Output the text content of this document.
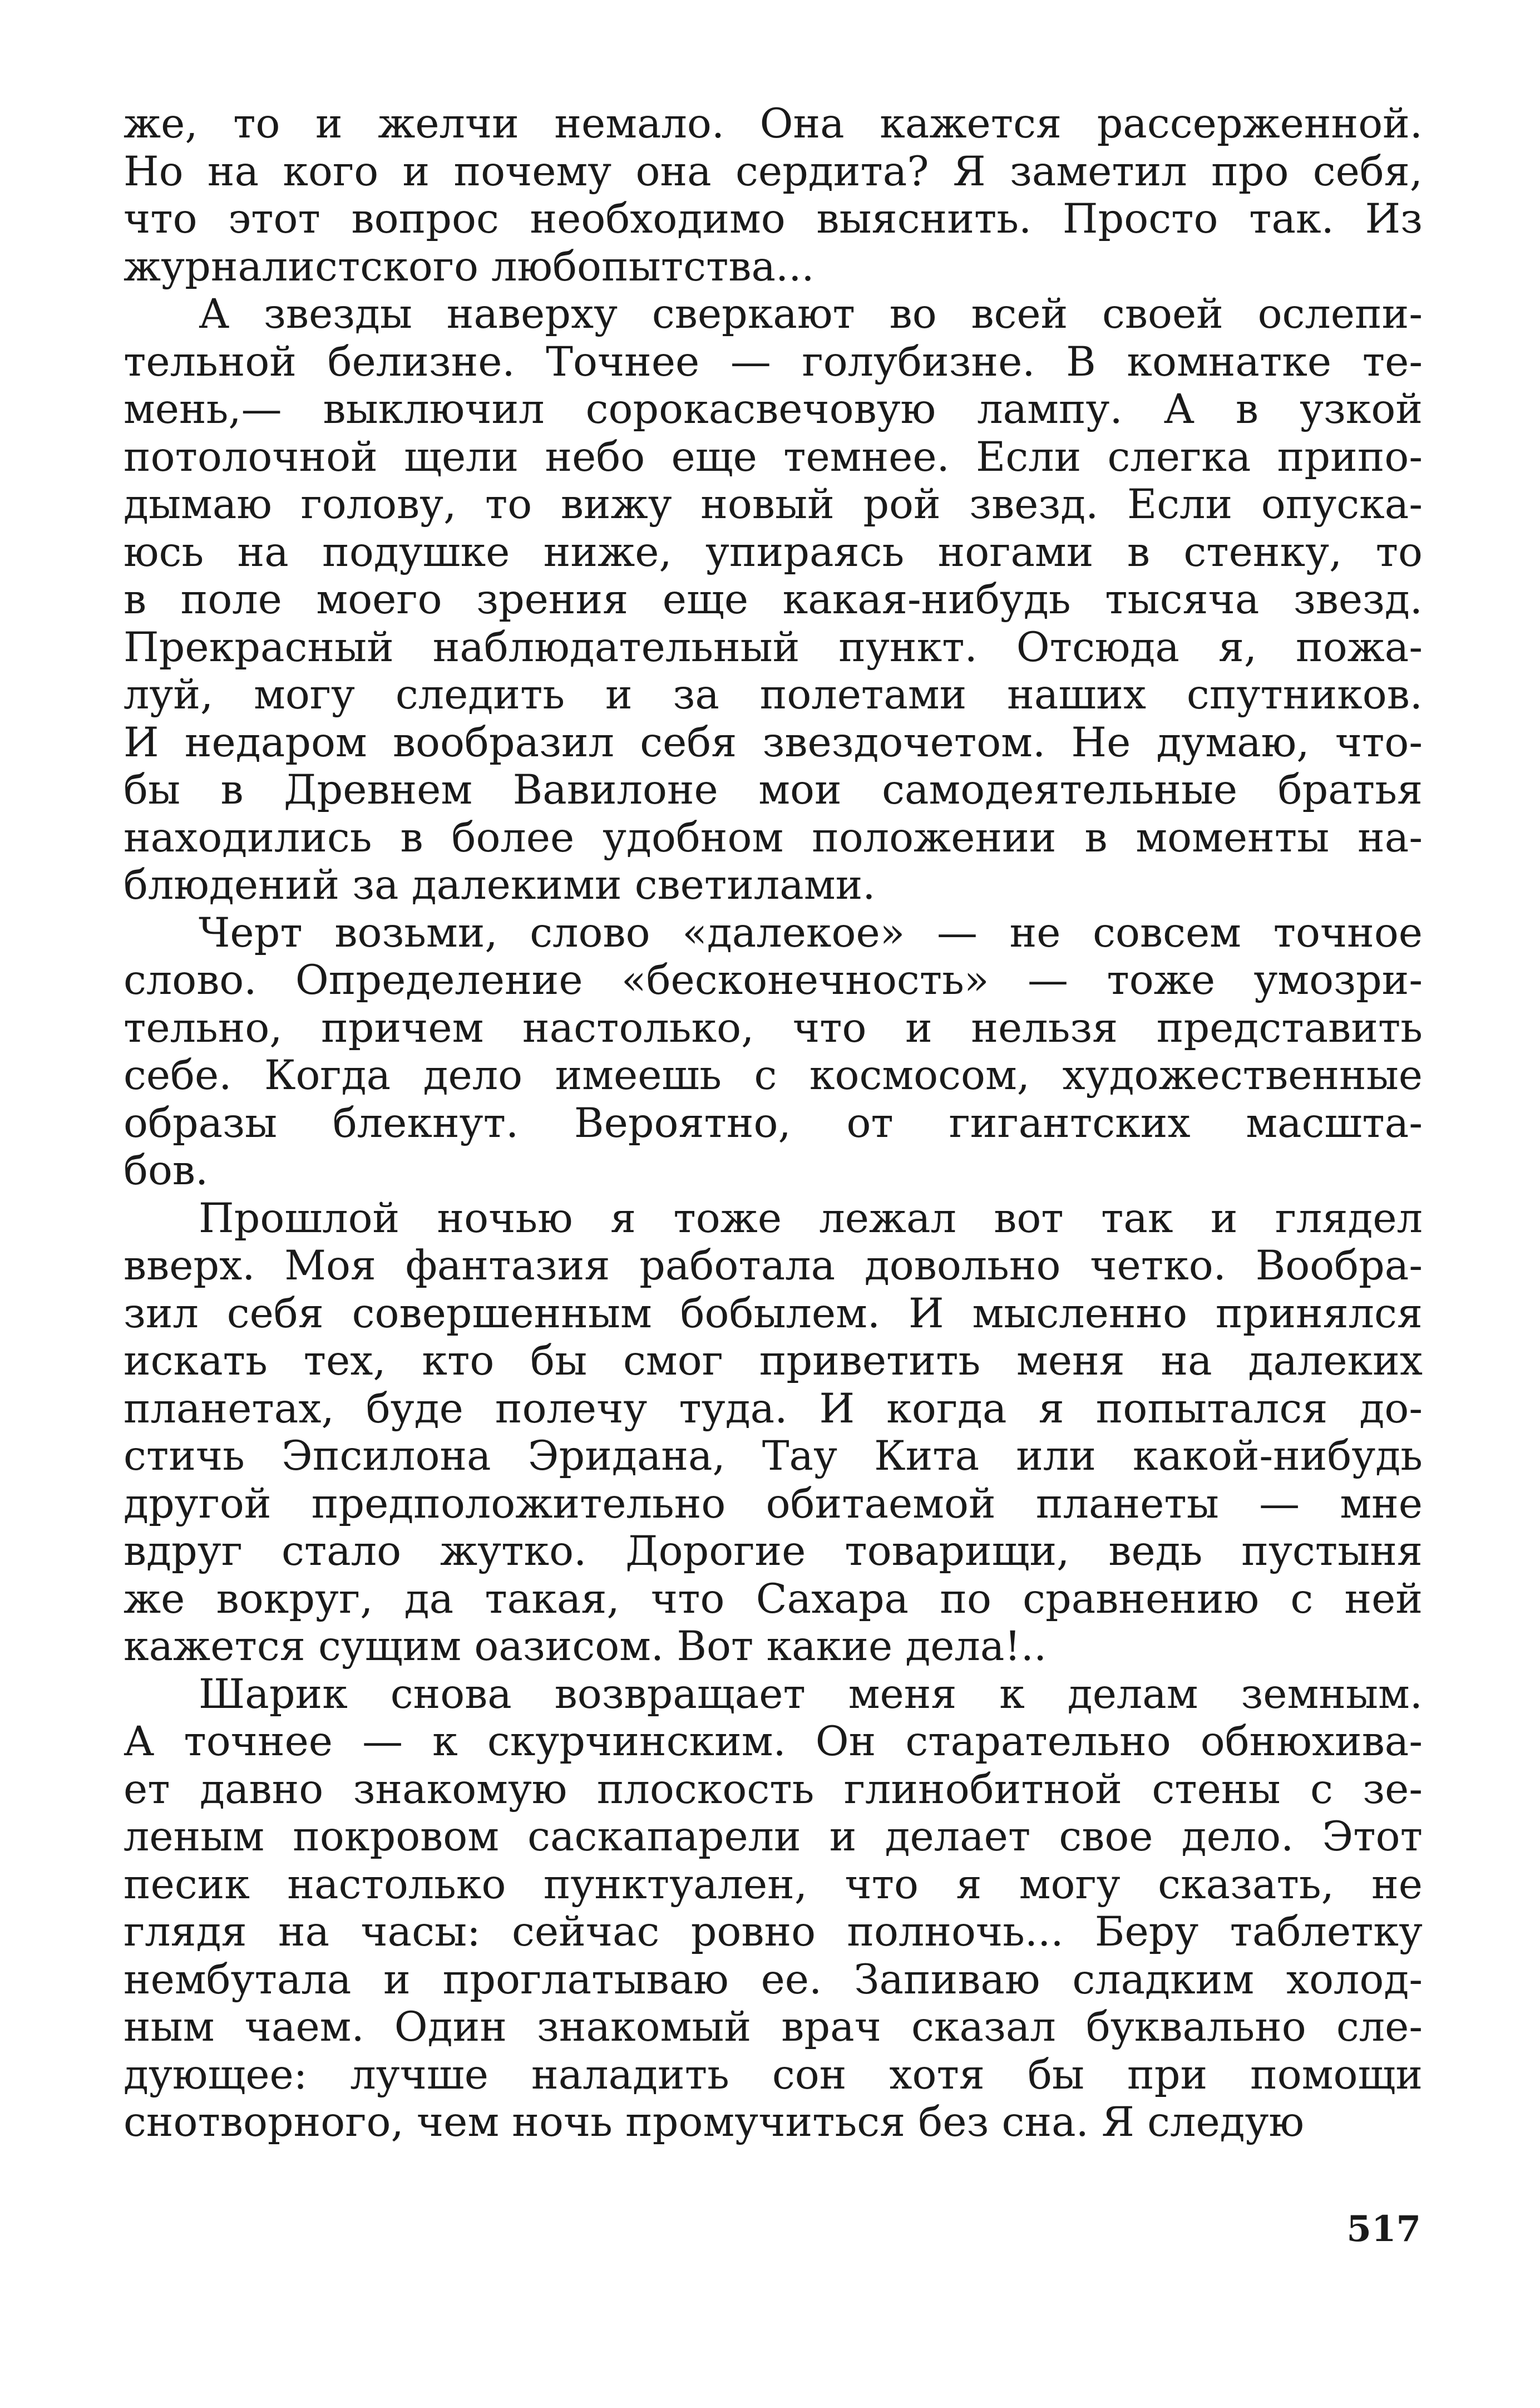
же, то и желчи немало. Она кажется рассерженной.
Но на кого и почему она сердита? Я заметил про себя,
что этот вопрос необходимо выяснить. Просто так. Из
журналистского любопытства...
А звезды наверху сверкают во всей своей ослепи-
тельной белизне. Точнее — голубизне. В комнатке те-
мень,— выключил сорокасвечовую лампу. А в узкой
потолочной щели небо еще темнее. Если слегка припо-
дымаю голову, то вижу новый рой звезд. Если опуска-
юсь на подушке ниже, упираясь ногами в стенку, то
в поле моего зрения еще какая-нибудь тысяча звезд.
Прекрасный наблюдательный пункт. Отсюда я, пожа-
луй, могу следить и за полетами наших спутников.
И недаром вообразил себя звездочетом. Не думаю, что-
бы в Древнем Вавилоне мои самодеятельные братья
находились в более удобном положении в моменты на-
блюдений за далекими светилами.
Черт возьми, слово «далекое» — не совсем точное
слово. Определение «бесконечность» — тоже умозри-
тельно, причем настолько, что и нельзя представить
себе. Когда дело имеешь с космосом, художественные
образы блекнут. Вероятно, от гигантских масшта-
бов.
Прошлой ночью я тоже лежал вот так и глядел
вверх. Моя фантазия работала довольно четко. Вообра-
зил себя совершенным бобылем. И мысленно принялся
искать тех, кто бы смог приветить меня на далеких
планетах, буде полечу туда. И когда я попытался до-
стичь Эпсилона Эридана, Тау Кита или какой-нибудь
другой предположительно обитаемой планеты — мне
вдруг стало жутко. Дорогие товарищи, ведь пустыня
же вокруг, да такая, что Сахара по сравнению с ней
кажется сущим оазисом. Вот какие дела!..
Шарик снова возвращает меня к делам земным.
А точнее — к скурчинским. Он старательно обнюхива-
ет давно знакомую плоскость глинобитной стены с зе-
леным покровом саскапарели и делает свое дело. Этот
песик настолько пунктуален, что я могу сказать, не
глядя на часы: сейчас ровно полночь... Беру таблетку
нембутала и проглатываю ее. Запиваю сладким холод-
ным чаем. Один знакомый врач сказал буквально сле-
дующее: лучше наладить сон хотя бы при помощи
снотворного, чем ночь промучиться без сна. Я следую
517
